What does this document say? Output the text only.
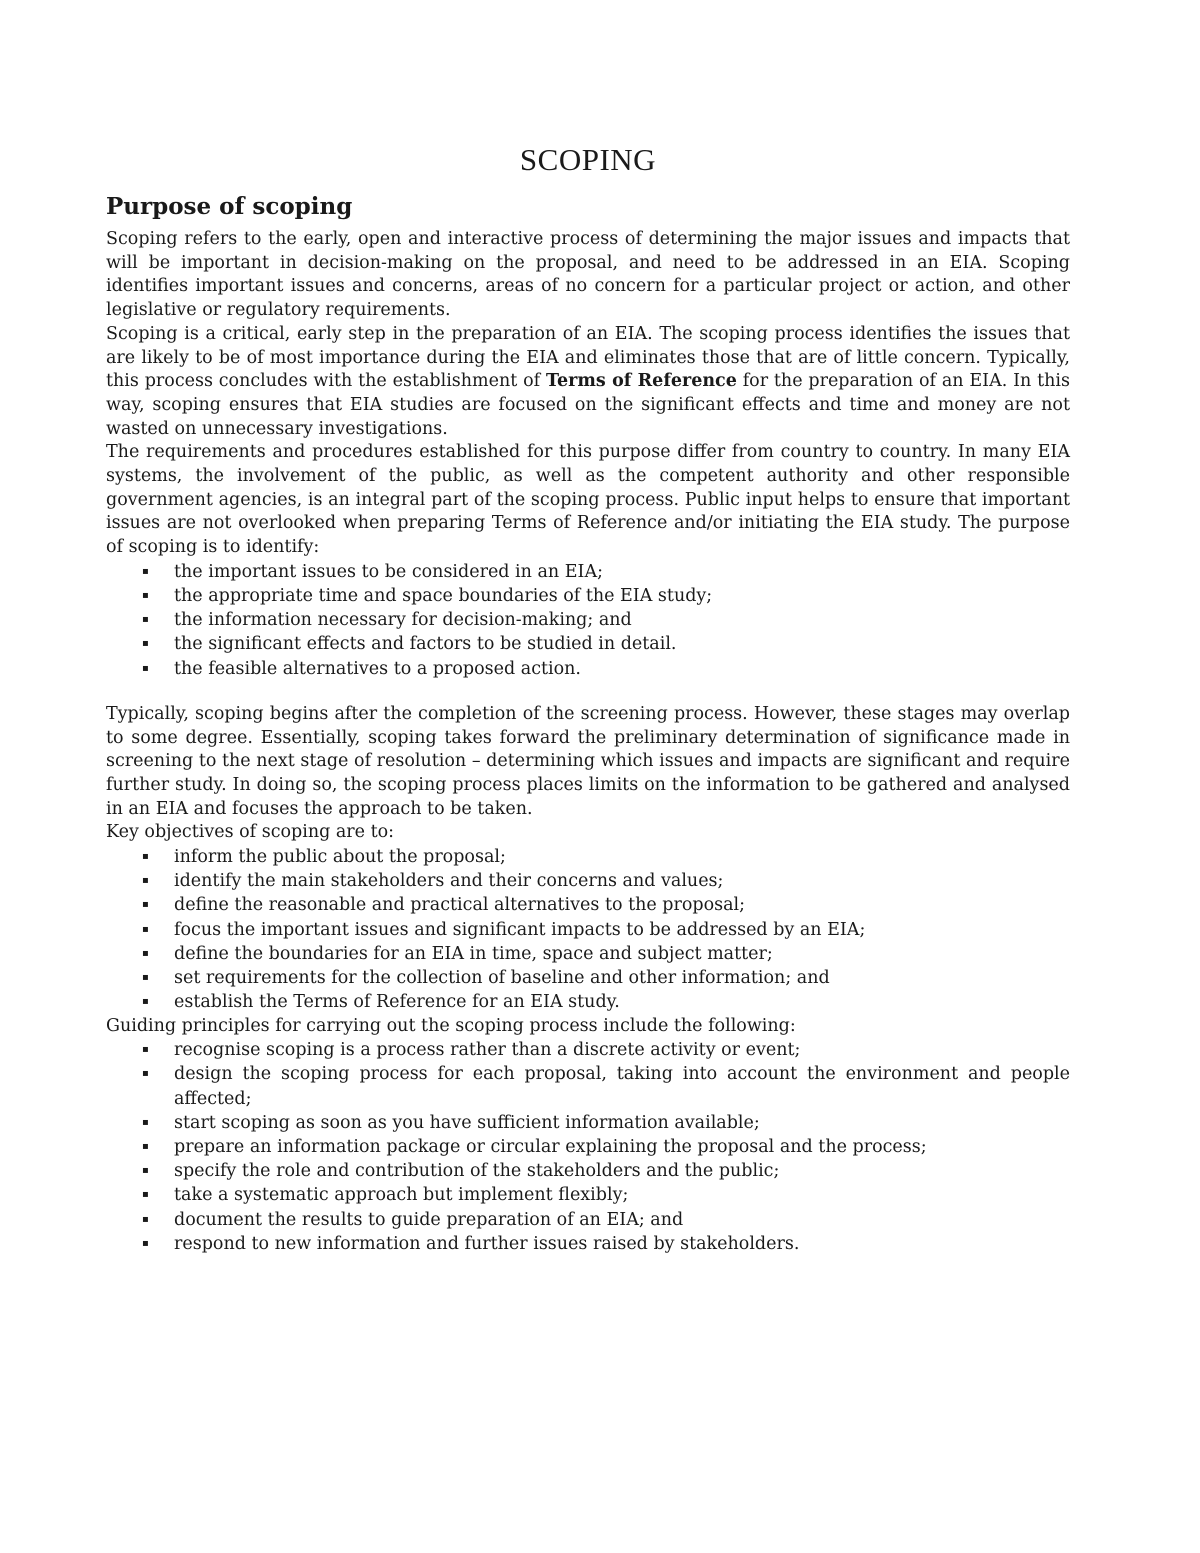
SCOPING
Purpose of scoping

Scoping refers to the early, open and interactive process of determining the major issues and impacts that will be important in decision-making on the proposal, and need to be addressed in an EIA. Scoping identifies important issues and concerns, areas of no concern for a particular project or action, and other legislative or regulatory requirements.

Scoping is a critical, early step in the preparation of an EIA. The scoping process identifies the issues that are likely to be of most importance during the EIA and eliminates those that are of little concern. Typically, this process concludes with the establishment of Terms of Reference for the preparation of an EIA. In this way, scoping ensures that EIA studies are focused on the significant effects and time and money are not wasted on unnecessary investigations.

The requirements and procedures established for this purpose differ from country to country. In many EIA systems, the involvement of the public, as well as the competent authority and other responsible government agencies, is an integral part of the scoping process. Public input helps to ensure that important issues are not overlooked when preparing Terms of Reference and/or initiating the EIA study. The purpose of scoping is to identify:

▪ the important issues to be considered in an EIA;
▪ the appropriate time and space boundaries of the EIA study;
▪ the information necessary for decision-making; and
▪ the significant effects and factors to be studied in detail.
▪ the feasible alternatives to a proposed action.

Typically, scoping begins after the completion of the screening process. However, these stages may overlap to some degree. Essentially, scoping takes forward the preliminary determination of significance made in screening to the next stage of resolution – determining which issues and impacts are significant and require further study. In doing so, the scoping process places limits on the information to be gathered and analysed in an EIA and focuses the approach to be taken.

Key objectives of scoping are to:

▪ inform the public about the proposal;
▪ identify the main stakeholders and their concerns and values;
▪ define the reasonable and practical alternatives to the proposal;
▪ focus the important issues and significant impacts to be addressed by an EIA;
▪ define the boundaries for an EIA in time, space and subject matter;
▪ set requirements for the collection of baseline and other information; and
▪ establish the Terms of Reference for an EIA study.

Guiding principles for carrying out the scoping process include the following:

▪ recognise scoping is a process rather than a discrete activity or event;
▪ design the scoping process for each proposal, taking into account the environment and people affected;
▪ start scoping as soon as you have sufficient information available;
▪ prepare an information package or circular explaining the proposal and the process;
▪ specify the role and contribution of the stakeholders and the public;
▪ take a systematic approach but implement flexibly;
▪ document the results to guide preparation of an EIA; and
▪ respond to new information and further issues raised by stakeholders.
